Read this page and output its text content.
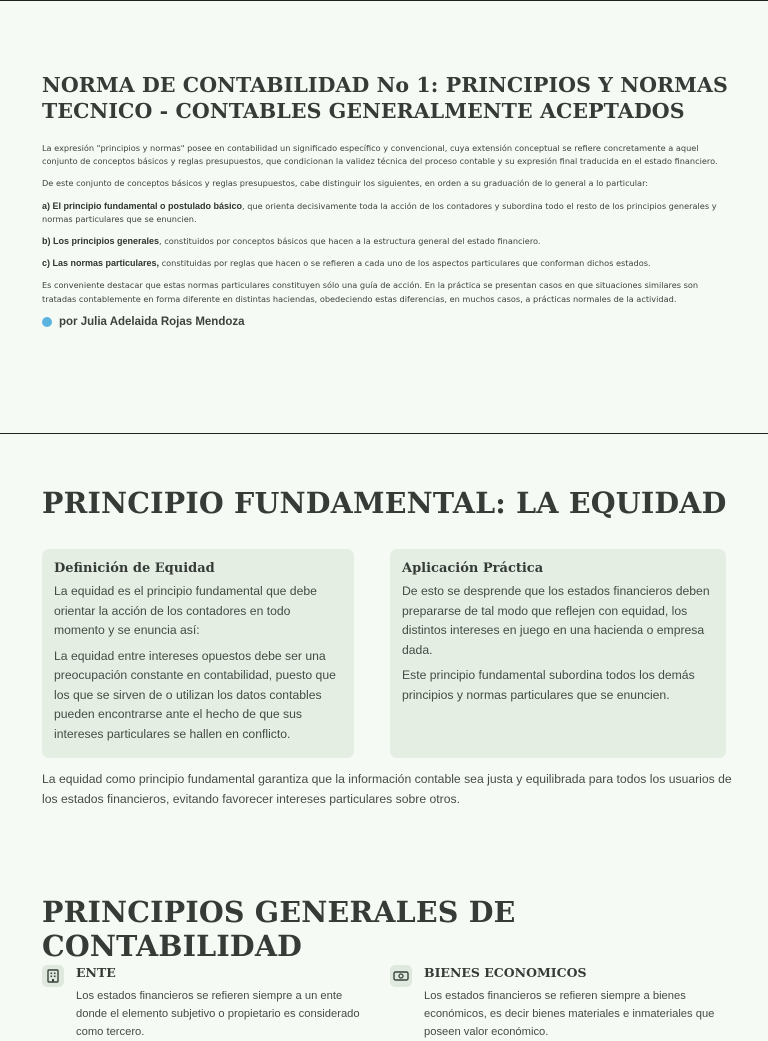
NORMA DE CONTABILIDAD No 1: PRINCIPIOS Y NORMAS TECNICO - CONTABLES GENERALMENTE ACEPTADOS

La expresión "principios y normas" posee en contabilidad un significado específico y convencional, cuya extensión conceptual se refiere concretamente a aquel conjunto de conceptos básicos y reglas presupuestos, que condicionan la validez técnica del proceso contable y su expresión final traducida en el estado financiero.

De este conjunto de conceptos básicos y reglas presupuestos, cabe distinguir los siguientes, en orden a su graduación de lo general a lo particular:

a) El principio fundamental o postulado básico, que orienta decisivamente toda la acción de los contadores y subordina todo el resto de los principios generales y normas particulares que se enuncien.

b) Los principios generales, constituidos por conceptos básicos que hacen a la estructura general del estado financiero.

c) Las normas particulares, constituidas por reglas que hacen o se refieren a cada uno de los aspectos particulares que conforman dichos estados.

Es conveniente destacar que estas normas particulares constituyen sólo una guía de acción. En la práctica se presentan casos en que situaciones similares son tratadas contablemente en forma diferente en distintas haciendas, obedeciendo estas diferencias, en muchos casos, a prácticas normales de la actividad.

por Julia Adelaida Rojas Mendoza
PRINCIPIO FUNDAMENTAL: LA EQUIDAD
Definición de Equidad

La equidad es el principio fundamental que debe orientar la acción de los contadores en todo momento y se enuncia así:

La equidad entre intereses opuestos debe ser una preocupación constante en contabilidad, puesto que los que se sirven de o utilizan los datos contables pueden encontrarse ante el hecho de que sus intereses particulares se hallen en conflicto.

Aplicación Práctica

De esto se desprende que los estados financieros deben prepararse de tal modo que reflejen con equidad, los distintos intereses en juego en una hacienda o empresa dada.

Este principio fundamental subordina todos los demás principios y normas particulares que se enuncien.

La equidad como principio fundamental garantiza que la información contable sea justa y equilibrada para todos los usuarios de los estados financieros, evitando favorecer intereses particulares sobre otros.

PRINCIPIOS GENERALES DE CONTABILIDAD
ENTE

Los estados financieros se refieren siempre a un ente donde el elemento subjetivo o propietario es considerado como tercero.

BIENES ECONOMICOS

Los estados financieros se refieren siempre a bienes económicos, es decir bienes materiales e inmateriales que poseen valor económico.
